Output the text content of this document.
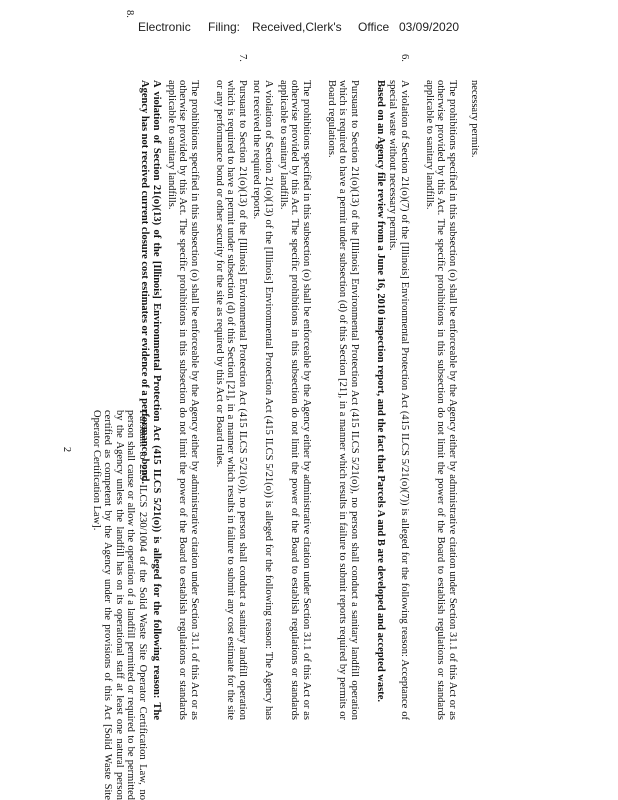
Electronic Filing: Received,Clerk's Office 03/09/2020

necessary permits.

The prohibitions specified in this subsection (o) shall be enforceable by the Agency either by administrative citation under Section 31.1 of this Act or as otherwise provided by this Act. The specific prohibitions in this subsection do not limit the power of the Board to establish regulations or standards applicable to sanitary landfills.

6.

A violation of Section 21(o)(7) of the [Illinois] Environmental Protection Act (415 ILCS 5/21(o)(7)) is alleged for the following reason: Acceptance of special waste without necessary permits.

Based on an Agency file review from a June 16, 2010 inspection report, and the fact that Parcels A and B are developed and accepted waste.

Pursuant to Section 21(o)(13) of the [Illinois] Environmental Protection Act (415 ILCS 5/21(o)), no person shall conduct a sanitary landfill operation which is required to have a permit under subsection (d) of this Section [21], in a manner which results in failure to submit reports required by permits or Board regulations.

The prohibitions specified in this subsection (o) shall be enforceable by the Agency either by administrative citation under Section 31.1 of this Act or as otherwise provided by this Act. The specific prohibitions in this subsection do not limit the power of the Board to establish regulations or standards applicable to sanitary landfills.

A violation of Section 21(o)(13) of the [Illinois] Environmental Protection Act (415 ILCS 5/21(o)) is alleged for the following reason: The Agency has not received the required reports.

7.

Pursuant to Section 21(o)(13) of the [Illinois] Environmental Protection Act (415 ILCS 5/21(o)), no person shall conduct a sanitary landfill operation which is required to have a permit under subsection (d) of this Section [21], in a manner which results in failure to submit any cost estimate for the site or any performance bond or other security for the site as required by this Act or Board rules.

The prohibitions specified in this subsection (o) shall be enforceable by the Agency either by administrative citation under Section 31.1 of this Act or as otherwise provided by this Act. The specific prohibitions in this subsection do not limit the power of the Board to establish regulations or standards applicable to sanitary landfills.

A violation of Section 21(o)(13) of the [Illinois] Environmental Protection Act (415 ILCS 5/21(o)) is alleged for the following reason: The Agency has not received current closure cost estimates or evidence of a performance bond.

8.
Pursuant to 225 ILCS 230/1004 of the Solid Waste Site Operator Certification Law, no person shall cause or allow the operation of a landfill permitted or required to be permitted by the Agency unless the landfill has on its operational staff at least one natural person certified as competent by the Agency under the provisions of this Act [Solid Waste Site Operator Certification Law].
2
